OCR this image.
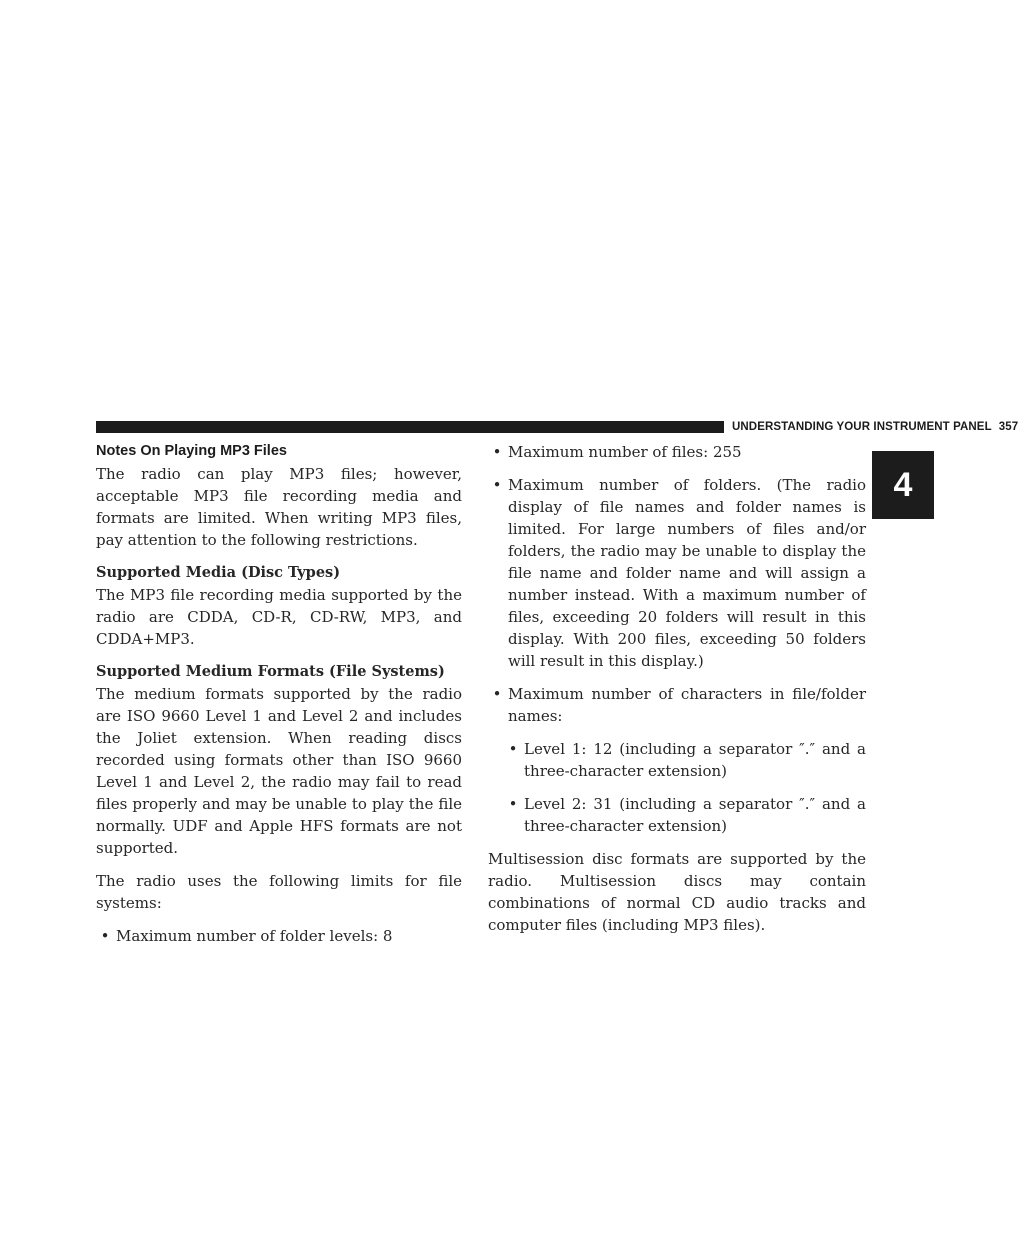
UNDERSTANDING YOUR INSTRUMENT PANEL 357
4
Notes On Playing MP3 Files

The radio can play MP3 files; however, acceptable MP3 file recording media and formats are limited. When writing MP3 files, pay attention to the following restrictions.

Supported Media (Disc Types)

The MP3 file recording media supported by the radio are CDDA, CD-R, CD-RW, MP3, and CDDA+MP3.

Supported Medium Formats (File Systems)

The medium formats supported by the radio are ISO 9660 Level 1 and Level 2 and includes the Joliet extension. When reading discs recorded using formats other than ISO 9660 Level 1 and Level 2, the radio may fail to read files properly and may be unable to play the file normally. UDF and Apple HFS formats are not supported.

The radio uses the following limits for file systems:

• Maximum number of folder levels: 8

• Maximum number of files: 255

• Maximum number of folders. (The radio display of file names and folder names is limited. For large numbers of files and/or folders, the radio may be unable to display the file name and folder name and will assign a number instead. With a maximum number of files, exceeding 20 folders will result in this display. With 200 files, exceeding 50 folders will result in this display.)

• Maximum number of characters in file/folder names:

• Level 1: 12 (including a separator ″.″ and a three-character extension)

• Level 2: 31 (including a separator ″.″ and a three-character extension)

Multisession disc formats are supported by the radio. Multisession discs may contain combinations of normal CD audio tracks and computer files (including MP3 files).
